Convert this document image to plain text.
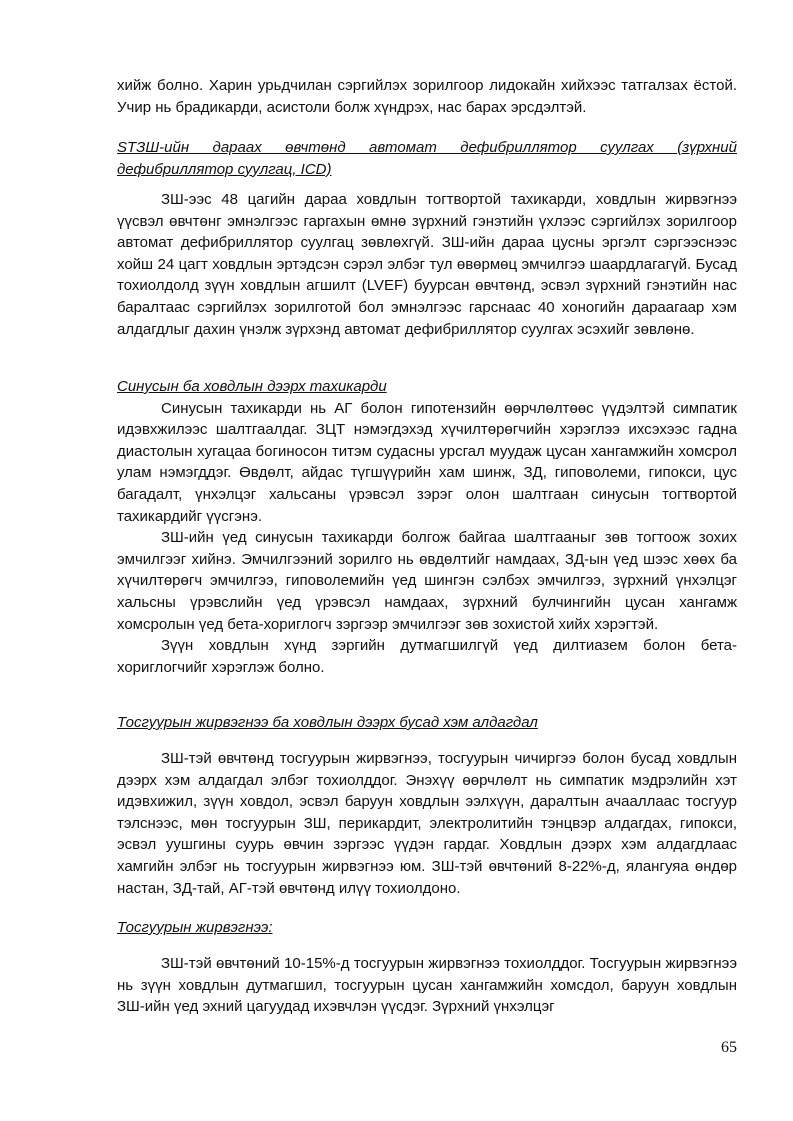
хийж болно. Харин урьдчилан сэргийлэх зорилгоор лидокайн хийхээс татгалзах ёстой. Учир нь брадикарди, асистоли болж хүндрэх, нас барах эрсдэлтэй.

STЗШ-ийн дараах өвчтөнд автомат дефибриллятор суулгах (зүрхний дефибриллятор суулгац, ICD)

ЗШ-ээс 48 цагийн дараа ховдлын тогтвортой тахикарди, ховдлын жирвэгнээ үүсвэл өвчтөнг эмнэлгээс гаргахын өмнө зүрхний гэнэтийн үхлээс сэргийлэх зорилгоор автомат дефибриллятор суулгац зөвлөхгүй. ЗШ-ийн дараа цусны эргэлт сэргээснээс хойш 24 цагт ховдлын эртэдсэн сэрэл элбэг тул өвөрмөц эмчилгээ шаардлагагүй. Бусад тохиолдолд зүүн ховдлын агшилт (LVEF) буурсан өвчтөнд, эсвэл зүрхний гэнэтийн нас баралтаас сэргийлэх зорилготой бол эмнэлгээс гарснаас 40 хоногийн дараагаар хэм алдагдлыг дахин үнэлж зүрхэнд автомат дефибриллятор суулгах эсэхийг зөвлөнө.

Синусын ба ховдлын дээрх тахикарди

Синусын тахикарди нь АГ болон гипотензийн өөрчлөлтөөс үүдэлтэй симпатик идэвхжилээс шалтгаалдаг. ЗЦТ нэмэгдэхэд хүчилтөрөгчийн хэрэглээ ихсэхээс гадна диастолын хугацаа богиносон титэм судасны урсгал муудаж цусан хангамжийн хомсрол улам нэмэгддэг. Өвдөлт, айдас түгшүүрийн хам шинж, ЗД, гиповолеми, гипокси, цус багадалт, үнхэлцэг хальсаны үрэвсэл зэрэг олон шалтгаан синусын тогтвортой тахикардийг үүсгэнэ.

ЗШ-ийн үед синусын тахикарди болгож байгаа шалтгааныг зөв тогтоож зохих эмчилгээг хийнэ. Эмчилгээний зорилго нь өвдөлтийг намдаах, ЗД-ын үед шээс хөөх ба хүчилтөрөгч эмчилгээ, гиповолемийн үед шингэн сэлбэх эмчилгээ, зүрхний үнхэлцэг хальсны үрэвслийн үед үрэвсэл намдаах, зүрхний булчингийн цусан хангамж хомсролын үед бета-хориглогч зэргээр эмчилгээг зөв зохистой хийх хэрэгтэй.

Зүүн ховдлын хүнд зэргийн дутмагшилгүй үед дилтиазем болон бета-хориглогчийг хэрэглэж болно.

Тосгуурын жирвэгнээ ба ховдлын дээрх бусад хэм алдагдал

ЗШ-тэй өвчтөнд тосгуурын жирвэгнээ, тосгуурын чичиргээ болон бусад ховдлын дээрх хэм алдагдал элбэг тохиолддог. Энэхүү өөрчлөлт нь симпатик мэдрэлийн хэт идэвхижил, зүүн ховдол, эсвэл баруун ховдлын ээлхүүн, даралтын ачааллаас тосгуур тэлснээс, мөн тосгуурын ЗШ, перикардит, электролитийн тэнцвэр алдагдах, гипокси, эсвэл уушгины суурь өвчин зэргээс үүдэн гардаг. Ховдлын дээрх хэм алдагдлаас хамгийн элбэг нь тосгуурын жирвэгнээ юм. ЗШ-тэй өвчтөний 8-22%-д, ялангуяа өндөр настан, ЗД-тай, АГ-тэй өвчтөнд илүү тохиолдоно.

Тосгуурын жирвэгнээ:

ЗШ-тэй өвчтөний 10-15%-д тосгуурын жирвэгнээ тохиолддог. Тосгуурын жирвэгнээ нь зүүн ховдлын дутмагшил, тосгуурын цусан хангамжийн хомсдол, баруун ховдлын ЗШ-ийн үед эхний цагуудад ихэвчлэн үүсдэг. Зүрхний үнхэлцэг

65
